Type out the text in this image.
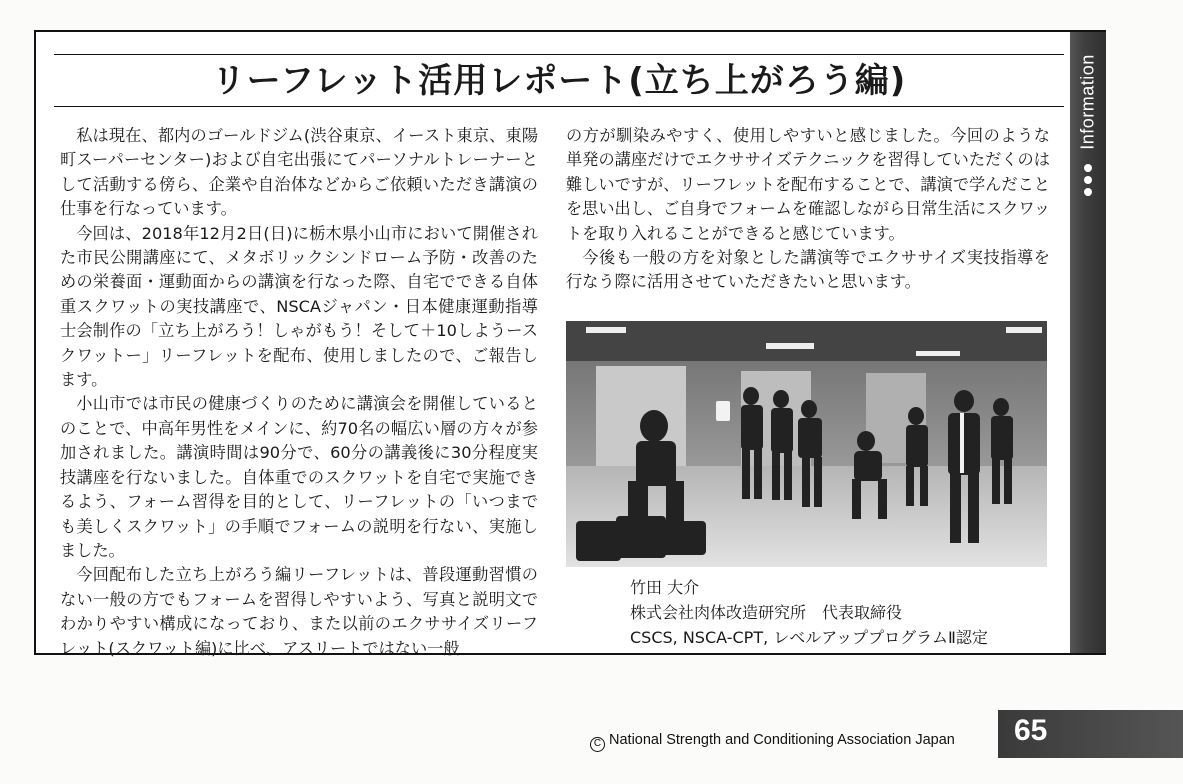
リーフレット活用レポート(立ち上がろう編)

私は現在、都内のゴールドジム(渋谷東京、イースト東京、東陽町スーパーセンター)および自宅出張にてパーソナルトレーナーとして活動する傍ら、企業や自治体などからご依頼いただき講演の仕事を行なっています。

今回は、2018年12月2日(日)に栃木県小山市において開催された市民公開講座にて、メタボリックシンドローム予防・改善のための栄養面・運動面からの講演を行なった際、自宅でできる自体重スクワットの実技講座で、NSCAジャパン・日本健康運動指導士会制作の「立ち上がろう！しゃがもう！そして＋10しようースクワットー」リーフレットを配布、使用しましたので、ご報告します。

小山市では市民の健康づくりのために講演会を開催しているとのことで、中高年男性をメインに、約70名の幅広い層の方々が参加されました。講演時間は90分で、60分の講義後に30分程度実技講座を行ないました。自体重でのスクワットを自宅で実施できるよう、フォーム習得を目的として、リーフレットの「いつまでも美しくスクワット」の手順でフォームの説明を行ない、実施しました。

今回配布した立ち上がろう編リーフレットは、普段運動習慣のない一般の方でもフォームを習得しやすいよう、写真と説明文でわかりやすい構成になっており、また以前のエクササイズリーフレット(スクワット編)に比べ、アスリートではない一般

の方が馴染みやすく、使用しやすいと感じました。今回のような単発の講座だけでエクササイズテクニックを習得していただくのは難しいですが、リーフレットを配布することで、講演で学んだことを思い出し、ご自身でフォームを確認しながら日常生活にスクワットを取り入れることができると感じています。

今後も一般の方を対象とした講演等でエクササイズ実技指導を行なう際に活用させていただきたいと思います。

竹田 大介
株式会社肉体改造研究所　代表取締役
CSCS, NSCA-CPT, レベルアッププログラムⅡ認定
Information
C National Strength and Conditioning Association Japan 65
